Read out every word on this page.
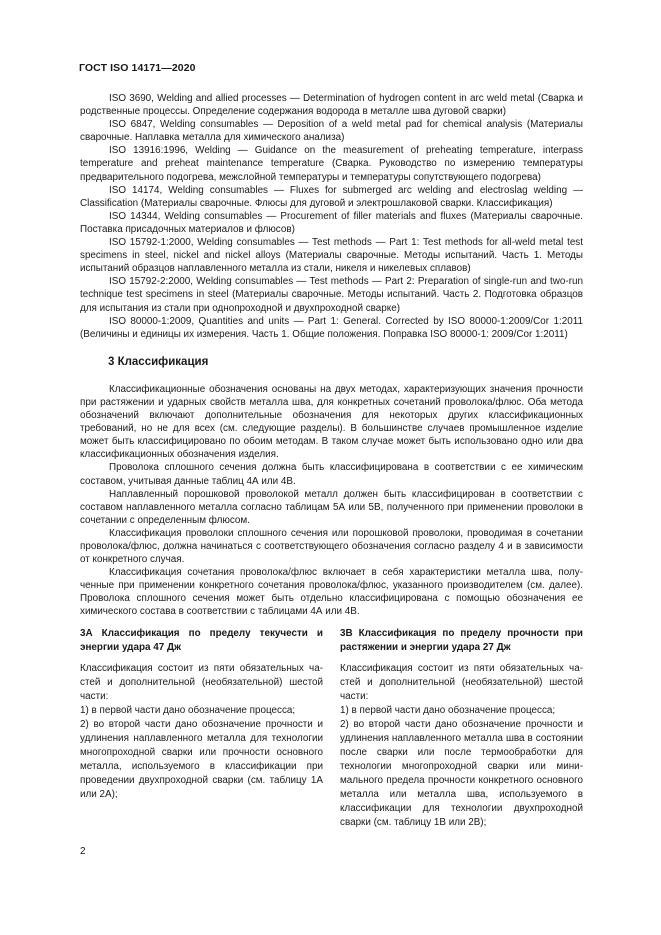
ГОСТ ISO 14171—2020

ISO 3690, Welding and allied processes — Determination of hydrogen content in arc weld metal (Сварка и родственные процессы. Определение содержания водорода в металле шва дуговой сварки)

ISO 6847, Welding consumables — Deposition of a weld metal pad for chemical analysis (Материалы сварочные. Наплавка металла для химического анализа)

ISO 13916:1996, Welding — Guidance on the measurement of preheating temperature, interpass temperature and preheat maintenance temperature (Сварка. Руководство по измерению температуры предварительного подогрева, межслойной температуры и температуры сопутствующего подогрева)

ISO 14174, Welding consumables — Fluxes for submerged arc welding and electroslag welding — Classification (Материалы сварочные. Флюсы для дуговой и электрошлаковой сварки. Классификация)

ISO 14344, Welding consumables — Procurement of filler materials and fluxes (Материалы сварочные. Поставка присадочных материалов и флюсов)

ISO 15792-1:2000, Welding consumables — Test methods — Part 1: Test methods for all-weld metal test specimens in steel, nickel and nickel alloys (Материалы сварочные. Методы испытаний. Часть 1. Методы испытаний образцов наплавленного металла из стали, никеля и никелевых сплавов)

ISO 15792-2:2000, Welding consumables — Test methods — Part 2: Preparation of single-run and two-run technique test specimens in steel (Материалы сварочные. Методы испытаний. Часть 2. Подготовка образцов для испытания из стали при однопроходной и двухпроходной сварке)

ISO 80000-1:2009, Quantities and units — Part 1: General. Corrected by ISO 80000-1:2009/Cor 1:2011 (Величины и единицы их измерения. Часть 1. Общие положения. Поправка ISO 80000-1: 2009/Cor 1:2011)

3 Классификация

Классификационные обозначения основаны на двух методах, характеризующих значения прочности при растяжении и ударных свойств металла шва, для конкретных сочетаний проволока/флюс. Оба метода обозначений включают дополнительные обозначения для некоторых других классификационных требований, но не для всех (см. следующие разделы). В большинстве случаев промышленное изделие может быть классифицировано по обоим методам. В таком случае может быть использовано одно или два классификационных обозначения изделия.

Проволока сплошного сечения должна быть классифицирована в соответствии с ее химическим составом, учитывая данные таблиц 4А или 4В.

Наплавленный порошковой проволокой металл должен быть классифицирован в соответствии с составом наплавленного металла согласно таблицам 5А или 5В, полученного при применении проволоки в сочетании с определенным флюсом.

Классификация проволоки сплошного сечения или порошковой проволоки, проводимая в сочетании проволока/флюс, должна начинаться с соответствующего обозначения согласно разделу 4 и в зависимости от конкретного случая.

Классификация сочетания проволока/флюс включает в себя характеристики металла шва, полученные при применении конкретного сочетания проволока/флюс, указанного производителем (см. далее). Проволока сплошного сечения может быть отдельно классифицирована с помощью обозначения ее химического состава в соответствии с таблицами 4А или 4В.

3А Классификация по пределу текучести и энергии удара 47 Дж

Классификация состоит из пяти обязательных частей и дополнительной (необязательной) шестой части:

1) в первой части дано обозначение процесса;

2) во второй части дано обозначение прочности и удлинения наплавленного металла для технологии многопроходной сварки или прочности основного металла, используемого в классификации при проведении двухпроходной сварки (см. таблицу 1А или 2А);

3В Классификация по пределу прочности при растяжении и энергии удара 27 Дж

Классификация состоит из пяти обязательных частей и дополнительной (необязательной) шестой части:

1) в первой части дано обозначение процесса;

2) во второй части дано обозначение прочности и удлинения наплавленного металла шва в состоянии после сварки или после термообработки для технологии многопроходной сварки или минимального предела прочности конкретного основного металла или металла шва, используемого в классификации для технологии двухпроходной сварки (см. таблицу 1В или 2В);

2
